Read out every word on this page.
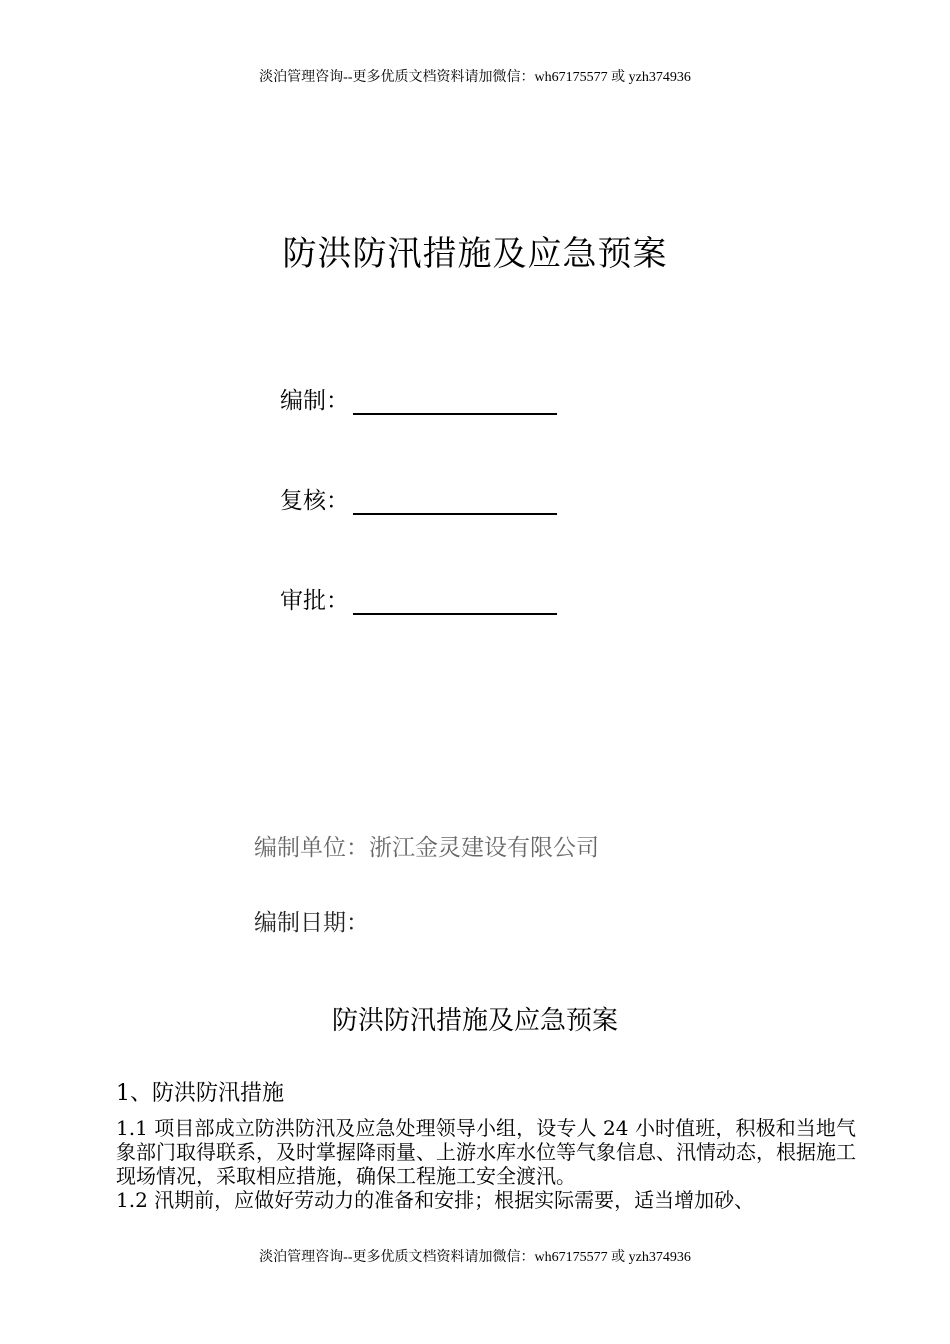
淡泊管理咨询--更多优质文档资料请加微信：wh67175577 或 yzh374936
防洪防汛措施及应急预案
编制：
复核：
审批：
编制单位：浙江金灵建设有限公司
编制日期：
防洪防汛措施及应急预案
1、防洪防汛措施

1.1 项目部成立防洪防汛及应急处理领导小组，设专人 24 小时值班，积极和当地气象部门取得联系，及时掌握降雨量、上游水库水位等气象信息、汛情动态，根据施工现场情况，采取相应措施，确保工程施工安全渡汛。

1.2 汛期前，应做好劳动力的准备和安排；根据实际需要，适当增加砂、

淡泊管理咨询--更多优质文档资料请加微信：wh67175577 或 yzh374936
